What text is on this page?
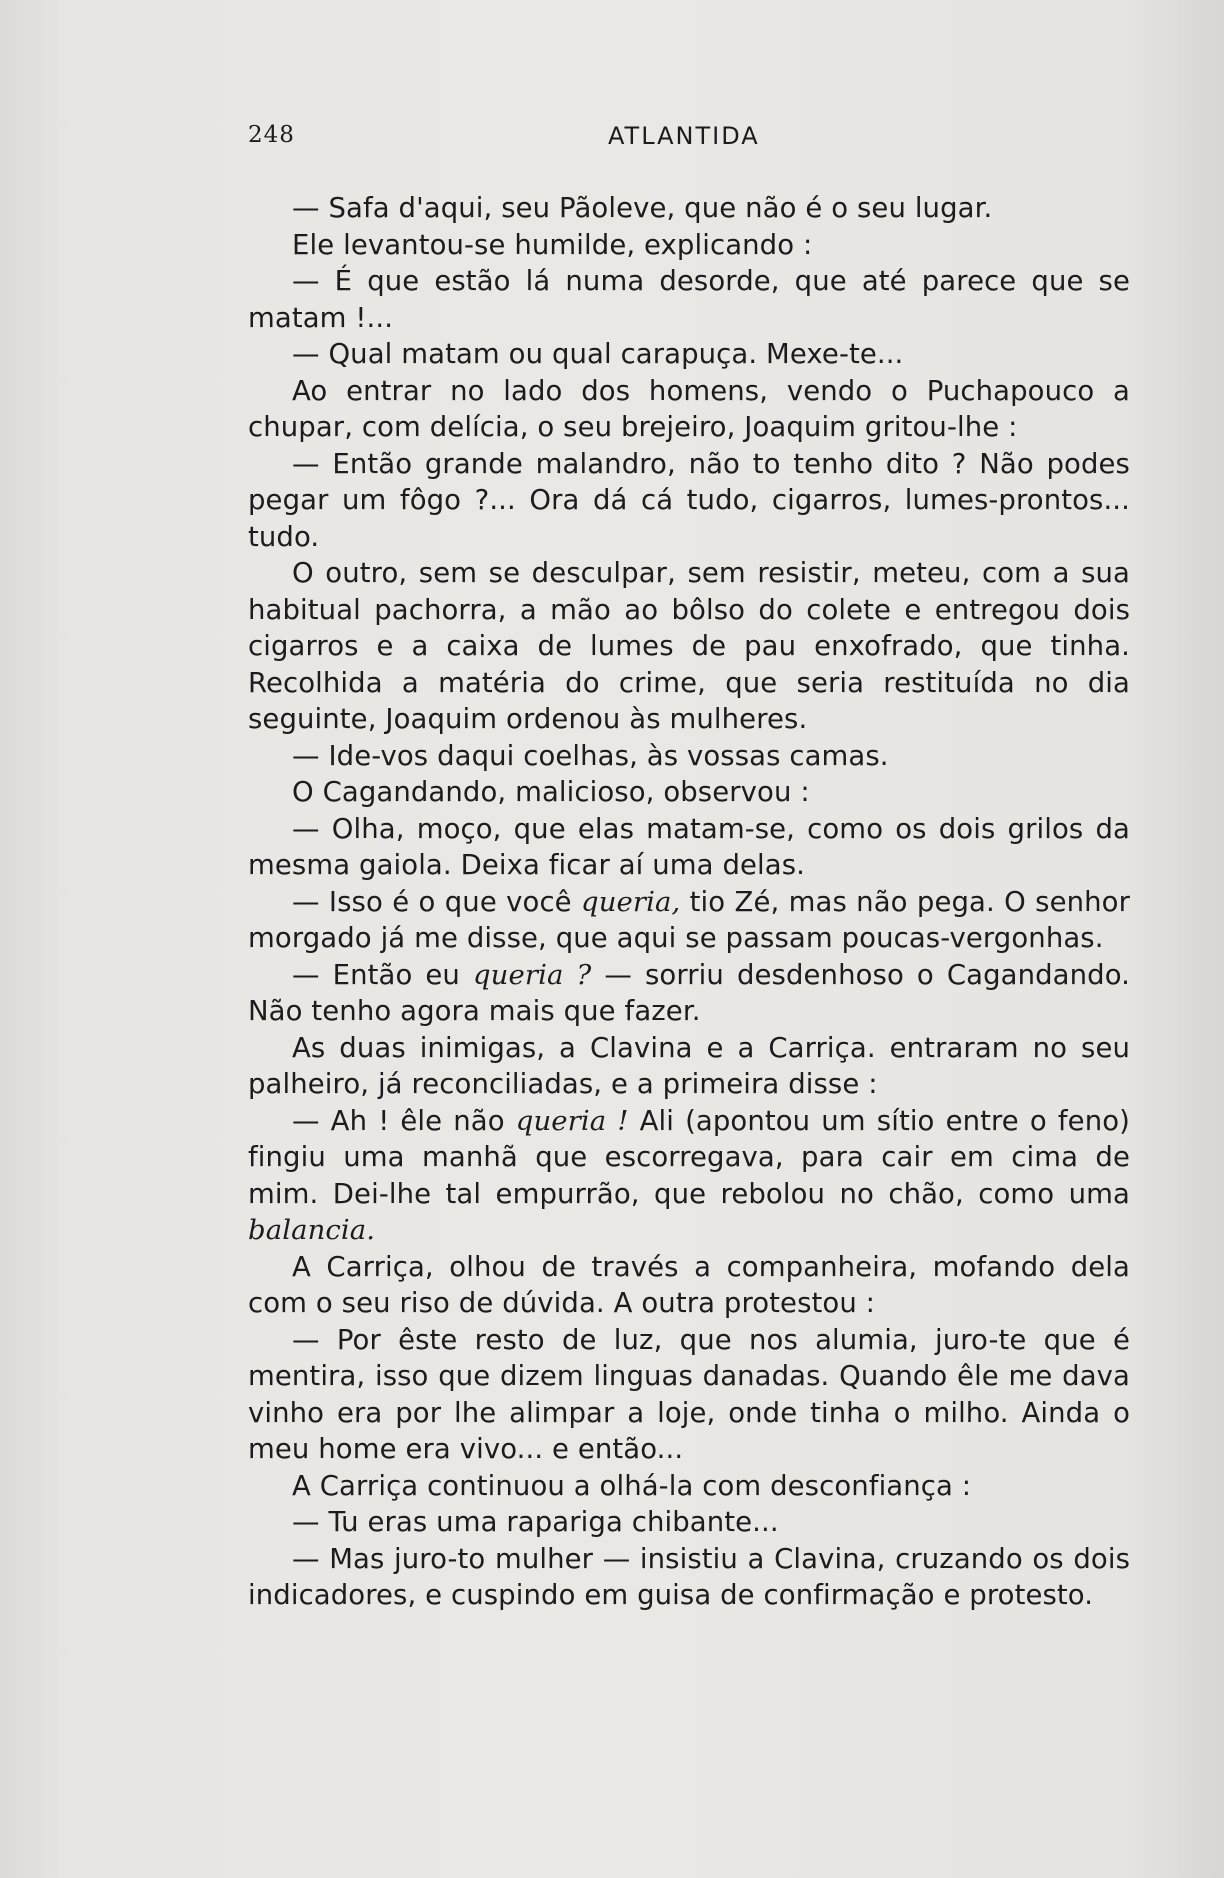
248	ATLANTIDA

— Safa d'aqui, seu Pãoleve, que não é o seu lugar.

Ele levantou-se humilde, explicando :

— É que estão lá numa desorde, que até parece que se matam !...

— Qual matam ou qual carapuça. Mexe-te...

Ao entrar no lado dos homens, vendo o Puchapouco a chupar, com delícia, o seu brejeiro, Joaquim gritou-lhe :

— Então grande malandro, não to tenho dito ? Não podes pegar um fôgo ?... Ora dá cá tudo, cigarros, lumes-prontos... tudo.

O outro, sem se desculpar, sem resistir, meteu, com a sua habitual pachorra, a mão ao bôlso do colete e entregou dois cigarros e a caixa de lumes de pau enxofrado, que tinha. Recolhida a matéria do crime, que seria restituída no dia seguinte, Joaquim ordenou às mulheres.

— Ide-vos daqui coelhas, às vossas camas.

O Cagandando, malicioso, observou :

— Olha, moço, que elas matam-se, como os dois grilos da mesma gaiola. Deixa ficar aí uma delas.

— Isso é o que você queria, tio Zé, mas não pega. O senhor morgado já me disse, que aqui se passam poucas-vergonhas.

— Então eu queria ? — sorriu desdenhoso o Cagandando. Não tenho agora mais que fazer.

As duas inimigas, a Clavina e a Carriça. entraram no seu palheiro, já reconciliadas, e a primeira disse :

— Ah ! êle não queria ! Ali (apontou um sítio entre o feno) fingiu uma manhã que escorregava, para cair em cima de mim. Dei-lhe tal empurrão, que rebolou no chão, como uma balancia.

A Carriça, olhou de través a companheira, mofando dela com o seu riso de dúvida. A outra protestou :

— Por êste resto de luz, que nos alumia, juro-te que é mentira, isso que dizem linguas danadas. Quando êle me dava vinho era por lhe alimpar a loje, onde tinha o milho. Ainda o meu home era vivo... e então...

A Carriça continuou a olhá-la com desconfiança :

— Tu eras uma rapariga chibante...

— Mas juro-to mulher — insistiu a Clavina, cruzando os dois indicadores, e cuspindo em guisa de confirmação e protesto.
